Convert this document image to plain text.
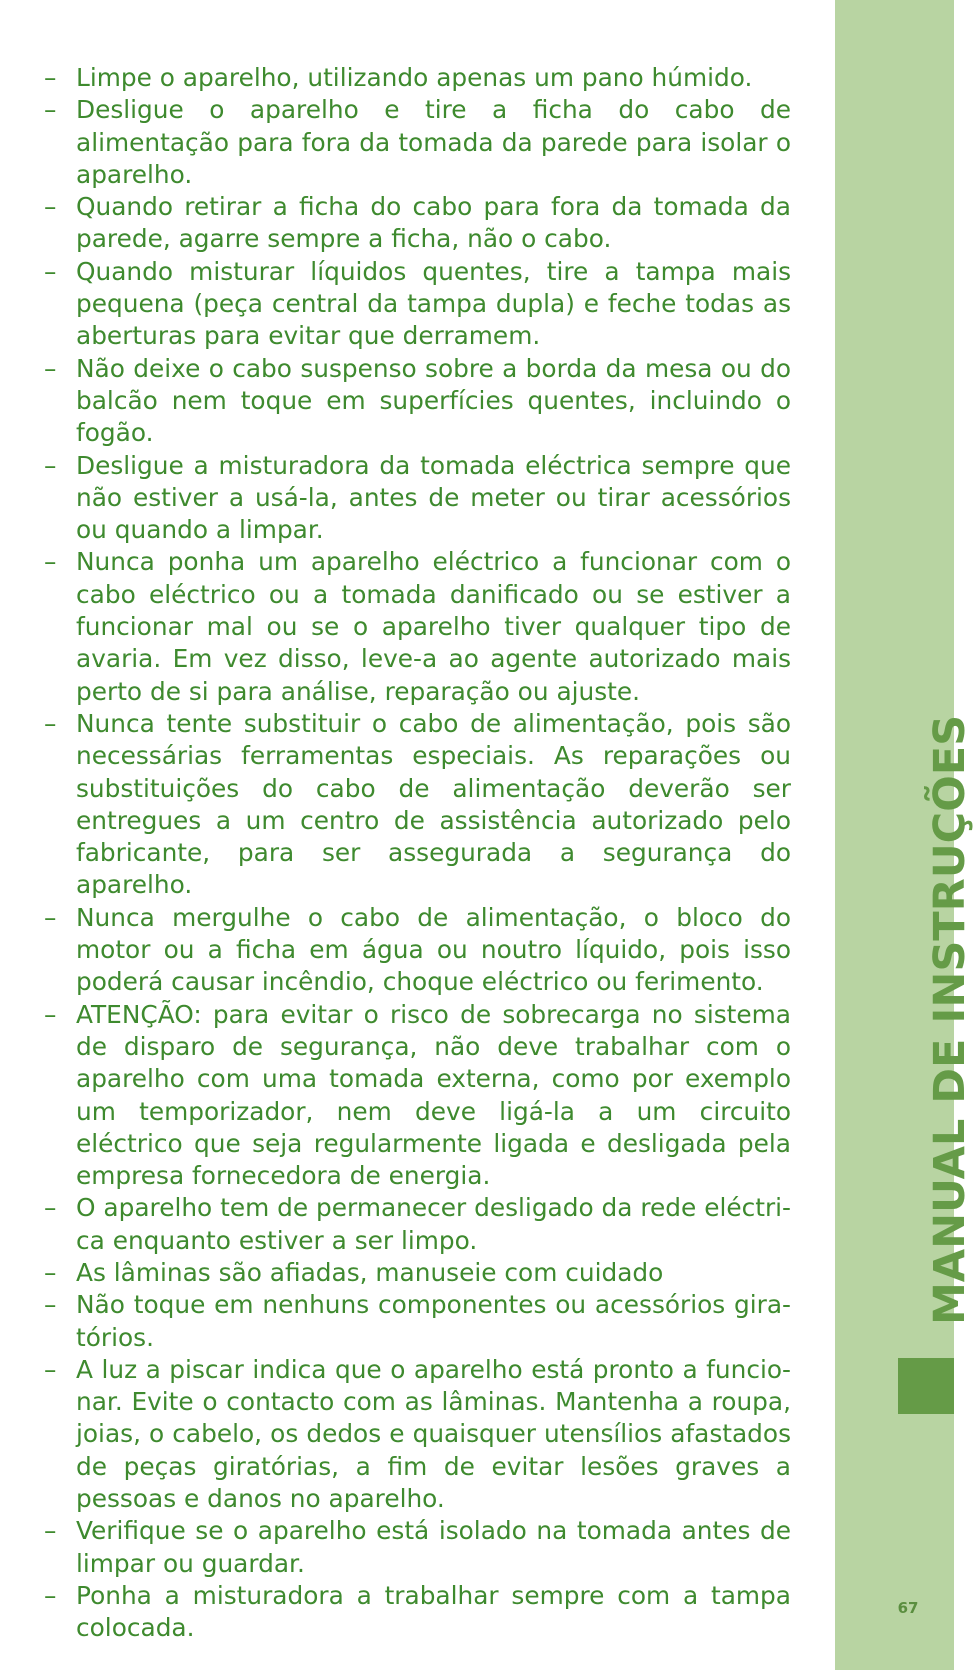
– Limpe o aparelho, utilizando apenas um pano húmido.
– Desligue o aparelho e tire a ficha do cabo de alimentação para fora da tomada da parede para isolar o aparelho.
– Quando retirar a ficha do cabo para fora da tomada da parede, agarre sempre a ficha, não o cabo.
– Quando misturar líquidos quentes, tire a tampa mais pequena (peça central da tampa dupla) e feche todas as aberturas para evitar que derramem.
– Não deixe o cabo suspenso sobre a borda da mesa ou do balcão nem toque em superfícies quentes, incluindo o fogão.
– Desligue a misturadora da tomada eléctrica sempre que não estiver a usá-la, antes de meter ou tirar acessórios ou quando a limpar.
– Nunca ponha um aparelho eléctrico a funcionar com o cabo eléctrico ou a tomada danificado ou se estiver a funcionar mal ou se o aparelho tiver qualquer tipo de avaria. Em vez disso, leve-a ao agente autorizado mais perto de si para análise, reparação ou ajuste.
– Nunca tente substituir o cabo de alimentação, pois são necessárias ferramentas especiais. As reparações ou substituições do cabo de alimentação deverão ser entregues a um centro de assistência autorizado pelo fabricante, para ser assegurada a segurança do aparelho.
– Nunca mergulhe o cabo de alimentação, o bloco do motor ou a ficha em água ou noutro líquido, pois isso poderá causar incêndio, choque eléctrico ou ferimento.
– ATENÇÃO: para evitar o risco de sobrecarga no sistema de disparo de segurança, não deve trabalhar com o aparelho com uma tomada externa, como por exemplo um temporizador, nem deve ligá-la a um circuito eléctrico que seja regularmente ligada e desligada pela empresa fornecedora de energia.
– O aparelho tem de permanecer desligado da rede eléctrica enquanto estiver a ser limpo.
– As lâminas são afiadas, manuseie com cuidado
– Não toque em nenhuns componentes ou acessórios giratórios.
– A luz a piscar indica que o aparelho está pronto a funcionar. Evite o contacto com as lâminas. Mantenha a roupa, joias, o cabelo, os dedos e quaisquer utensílios afastados de peças giratórias, a fim de evitar lesões graves a pessoas e danos no aparelho.
– Verifique se o aparelho está isolado na tomada antes de limpar ou guardar.
– Ponha a misturadora a trabalhar sempre com a tampa colocada.
MANUAL DE INSTRUÇÕES
67
